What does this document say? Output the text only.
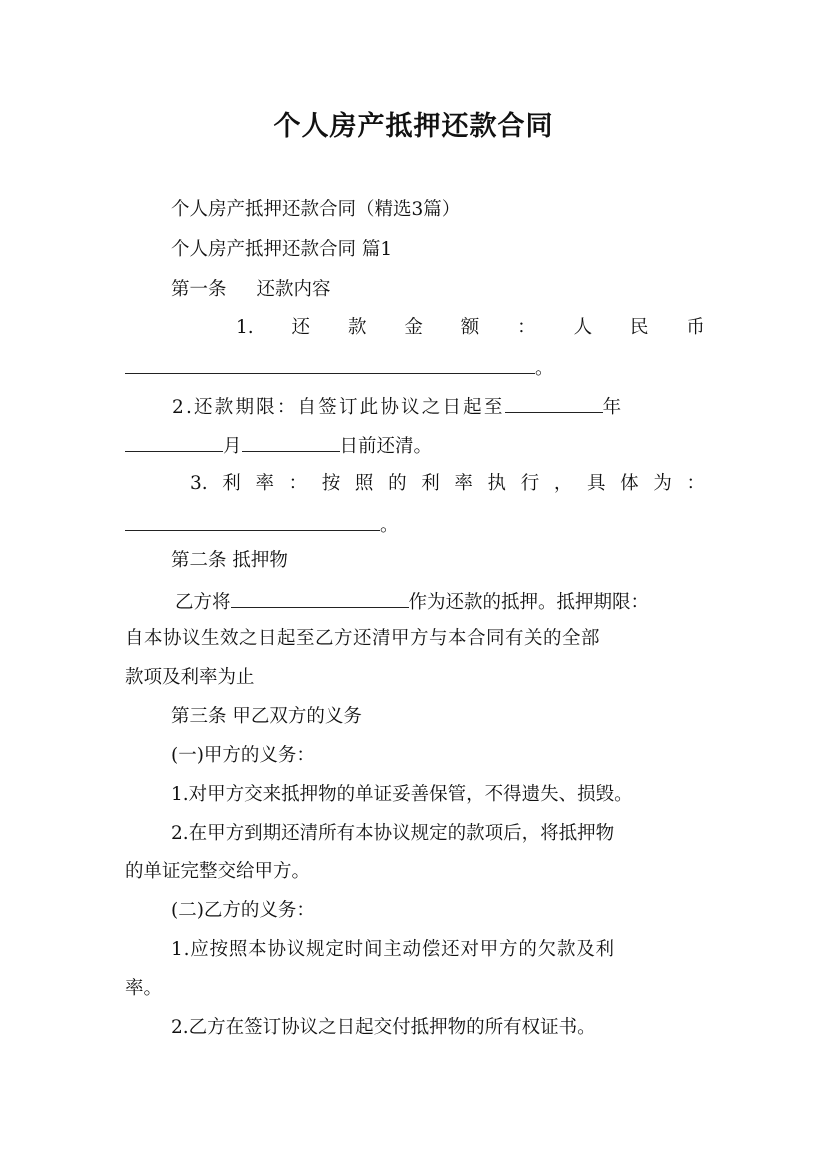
个人房产抵押还款合同
个人房产抵押还款合同（精选3篇）
个人房产抵押还款合同 篇1
第一条 还款内容
1. 还 款 金 额 ： 人 民 币
。
2.还款期限：自签订此协议之日起至	年
月	日前还清。
3. 利 率 ： 按 照 的 利 率 执 行 ， 具 体 为 ：
。
第二条 抵押物
乙方将	作为还款的抵押。抵押期限：
自本协议生效之日起至乙方还清甲方与本合同有关的全部
款项及利率为止
第三条 甲乙双方的义务
(一)甲方的义务：
1.对甲方交来抵押物的单证妥善保管，不得遗失、损毁。
2.在甲方到期还清所有本协议规定的款项后，将抵押物
的单证完整交给甲方。
(二)乙方的义务：
1.应按照本协议规定时间主动偿还对甲方的欠款及利
率。
2.乙方在签订协议之日起交付抵押物的所有权证书。
